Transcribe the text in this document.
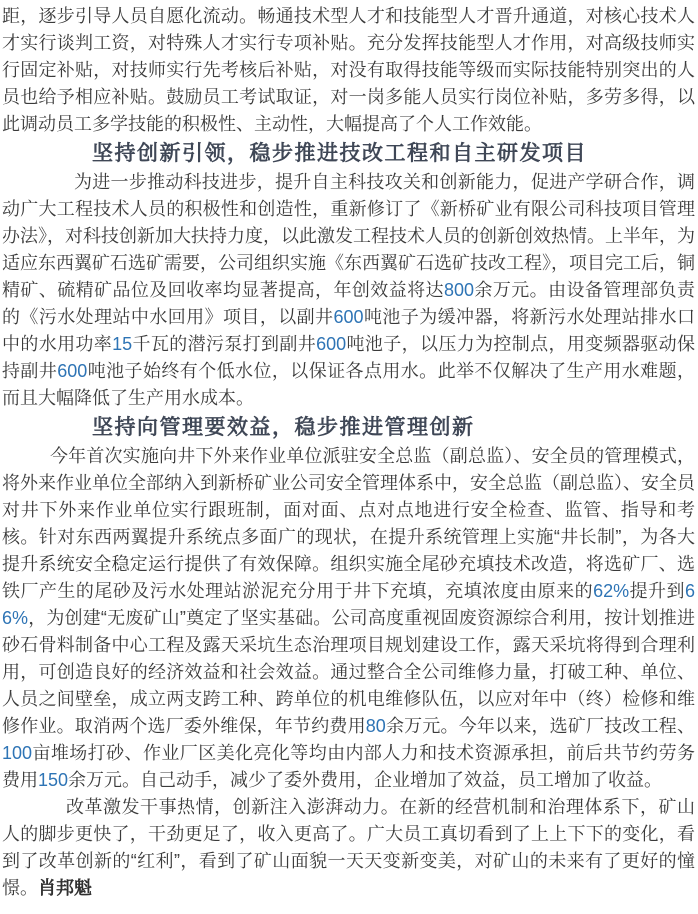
距，逐步引导人员自愿化流动。畅通技术型人才和技能型人才晋升通道，对核心技术人才实行谈判工资，对特殊人才实行专项补贴。充分发挥技能型人才作用，对高级技师实行固定补贴，对技师实行先考核后补贴，对没有取得技能等级而实际技能特别突出的人员也给予相应补贴。鼓励员工考试取证，对一岗多能人员实行岗位补贴，多劳多得，以此调动员工多学技能的积极性、主动性，大幅提高了个人工作效能。

坚持创新引领，稳步推进技改工程和自主研发项目

为进一步推动科技进步，提升自主科技攻关和创新能力，促进产学研合作，调动广大工程技术人员的积极性和创造性，重新修订了《新桥矿业有限公司科技项目管理办法》，对科技创新加大扶持力度，以此激发工程技术人员的创新创效热情。上半年，为适应东西翼矿石选矿需要，公司组织实施《东西翼矿石选矿技改工程》，项目完工后，铜精矿、硫精矿品位及回收率均显著提高，年创效益将达800余万元。由设备管理部负责的《污水处理站中水回用》项目，以副井600吨池子为缓冲器，将新污水处理站排水口中的水用功率15千瓦的潜污泵打到副井600吨池子，以压力为控制点，用变频器驱动保持副井600吨池子始终有个低水位，以保证各点用水。此举不仅解决了生产用水难题，而且大幅降低了生产用水成本。

坚持向管理要效益，稳步推进管理创新

今年首次实施向井下外来作业单位派驻安全总监（副总监）、安全员的管理模式，将外来作业单位全部纳入到新桥矿业公司安全管理体系中，安全总监（副总监）、安全员对井下外来作业单位实行跟班制，面对面、点对点地进行安全检查、监管、指导和考核。针对东西两翼提升系统点多面广的现状，在提升系统管理上实施“井长制”，为各大提升系统安全稳定运行提供了有效保障。组织实施全尾砂充填技术改造，将选矿厂、选铁厂产生的尾砂及污水处理站淤泥充分用于井下充填，充填浓度由原来的62%提升到66%，为创建“无废矿山”奠定了坚实基础。公司高度重视固废资源综合利用，按计划推进砂石骨料制备中心工程及露天采坑生态治理项目规划建设工作，露天采坑将得到合理利用，可创造良好的经济效益和社会效益。通过整合全公司维修力量，打破工种、单位、人员之间壁垒，成立两支跨工种、跨单位的机电维修队伍，以应对年中（终）检修和维修作业。取消两个选厂委外维保，年节约费用80余万元。今年以来，选矿厂技改工程、100亩堆场打砂、作业厂区美化亮化等均由内部人力和技术资源承担，前后共节约劳务费用150余万元。自己动手，减少了委外费用，企业增加了效益，员工增加了收益。

改革激发干事热情，创新注入澎湃动力。在新的经营机制和治理体系下，矿山人的脚步更快了，干劲更足了，收入更高了。广大员工真切看到了上上下下的变化，看到了改革创新的“红利”，看到了矿山面貌一天天变新变美，对矿山的未来有了更好的憧憬。肖邦魁
